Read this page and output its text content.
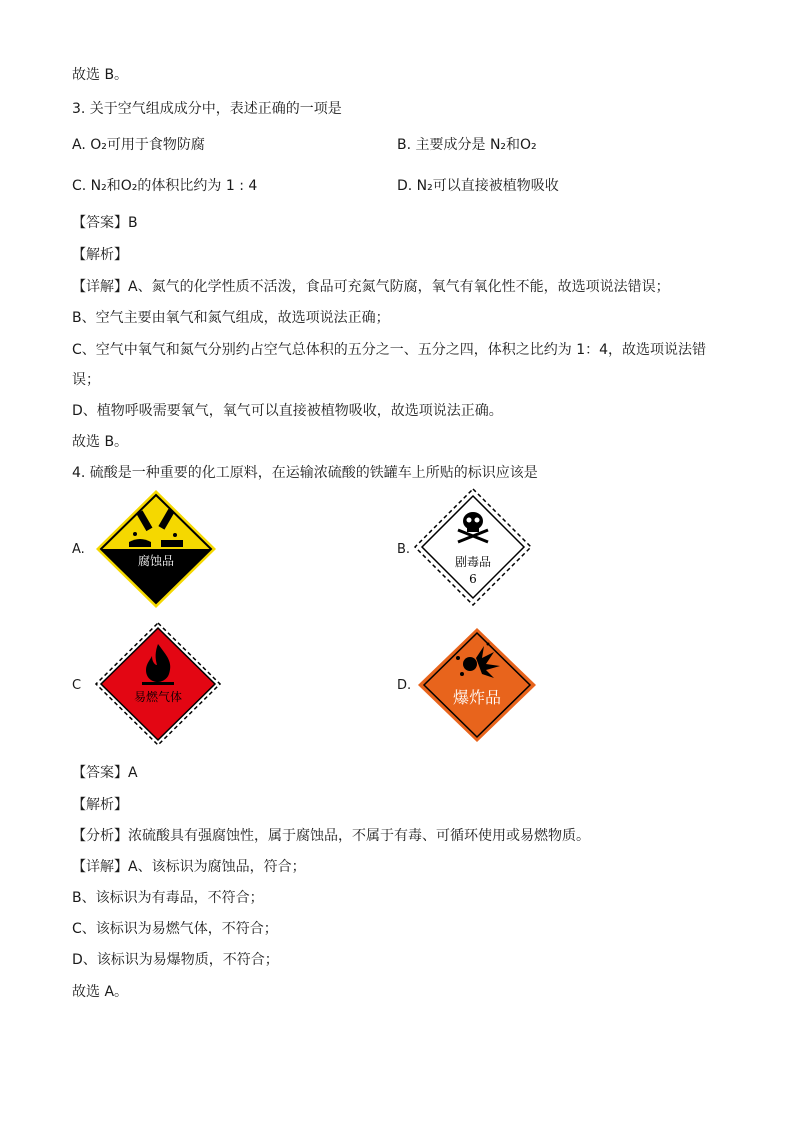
故选 B。
3. 关于空气组成成分中，表述正确的一项是
A. O₂可用于食物防腐	B. 主要成分是 N₂和O₂
C. N₂和O₂的体积比约为 1 : 4	D. N₂可以直接被植物吸收
【答案】B
【解析】
【详解】A、氮气的化学性质不活泼，食品可充氮气防腐，氧气有氧化性不能，故选项说法错误；
B、空气主要由氧气和氮气组成，故选项说法正确；
C、空气中氧气和氮气分别约占空气总体积的五分之一、五分之四，体积之比约为 1：4，故选项说法错
误；
D、植物呼吸需要氧气，氧气可以直接被植物吸收，故选项说法正确。
故选 B。
4. 硫酸是一种重要的化工原料，在运输浓硫酸的铁罐车上所贴的标识应该是
A.
腐蚀品
B.
剧毒品
6
C
易燃气体
D.
爆炸品
【答案】A
【解析】
【分析】浓硫酸具有强腐蚀性，属于腐蚀品，不属于有毒、可循环使用或易燃物质。
【详解】A、该标识为腐蚀品，符合；
B、该标识为有毒品，不符合；
C、该标识为易燃气体，不符合；
D、该标识为易爆物质，不符合；
故选 A。
